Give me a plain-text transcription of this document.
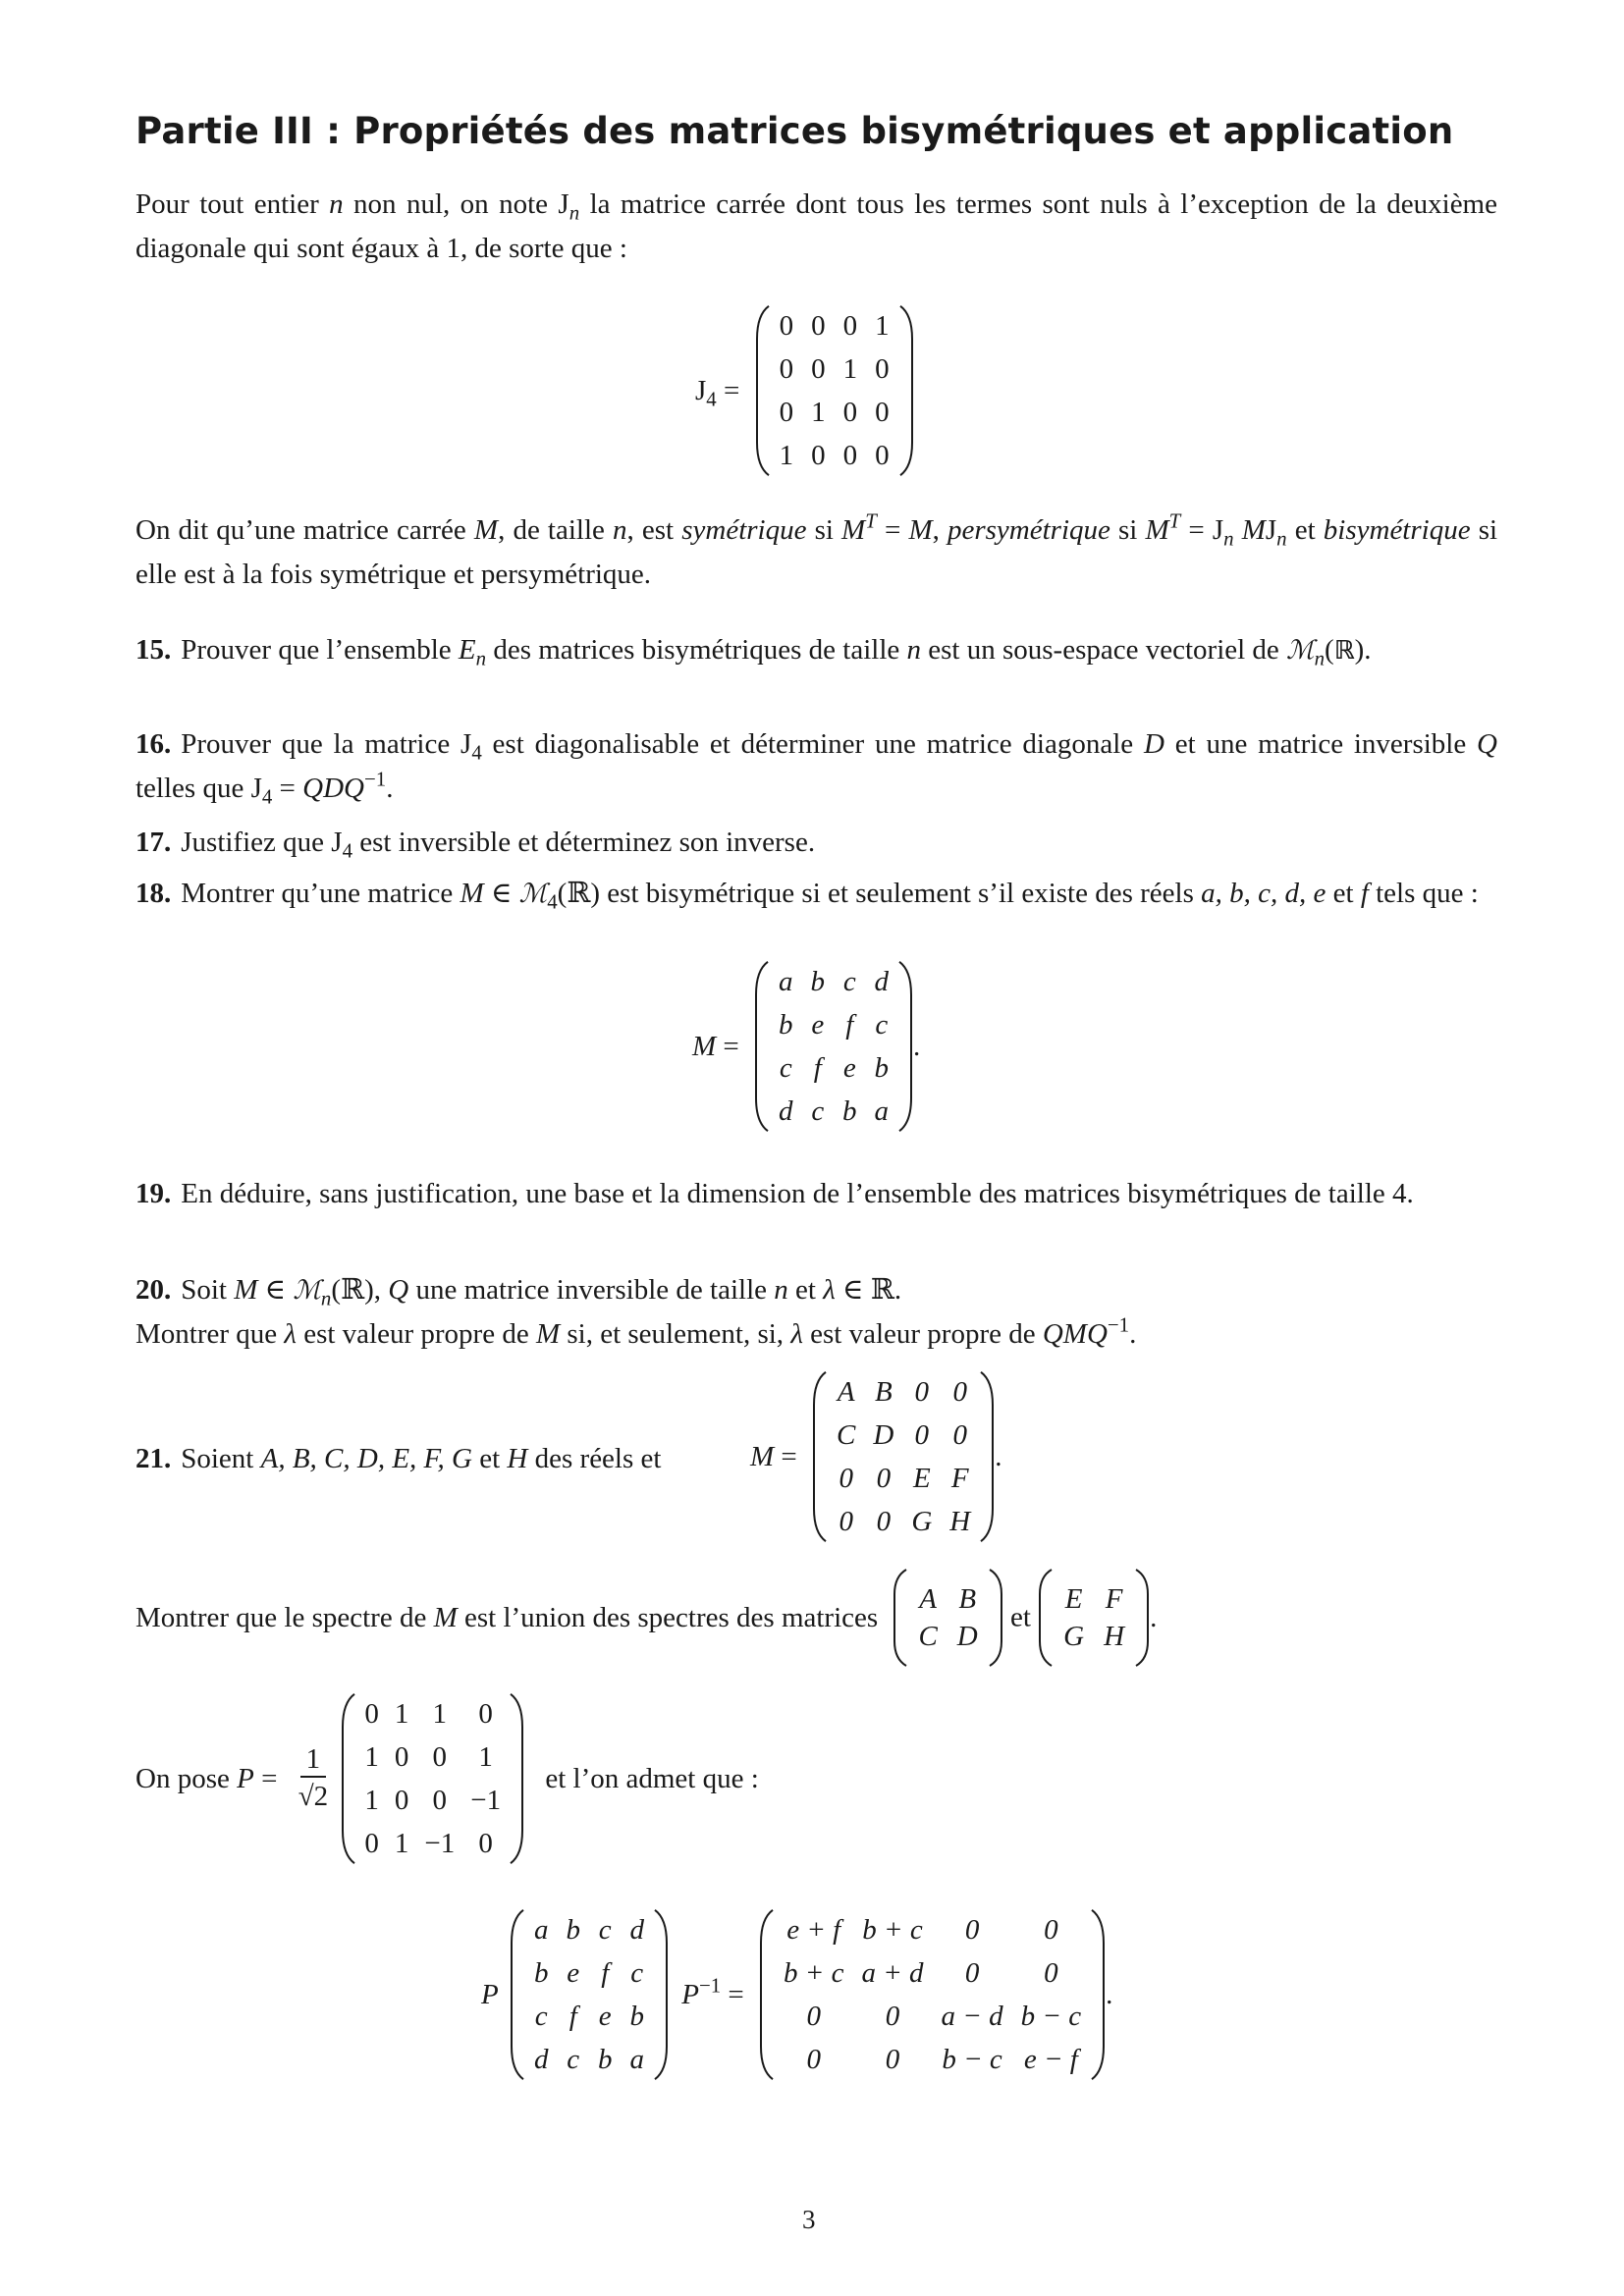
Partie III : Propriétés des matrices bisymétriques et application
Pour tout entier n non nul, on note $J_n$ la matrice carrée dont tous les termes sont nuls à l’exception de la deuxième diagonale qui sont égaux à 1, de sorte que :
$J_4$ =
0	0	0	1
0	0	1	0
0	1	0	0
1	0	0	0
On dit qu’une matrice carrée M, de taille n, est symétrique si $M^T = M$, persymétrique si $M^T = J_n$ $MJ_n$ et bisymétrique si elle est à la fois symétrique et persymétrique.
15. Prouver que l’ensemble $E_n$ des matrices bisymétriques de taille n est un sous-espace vectoriel de ℳ$_n$(ℝ).
16. Prouver que la matrice $J_4$ est diagonalisable et déterminer une matrice diagonale D et une matrice inversible Q telles que $J_4 = QDQ^{-1}$.
17. Justifiez que $J_4$ est inversible et déterminez son inverse.
18. Montrer qu’une matrice M ∈ ℳ$_4$(ℝ) est bisymétrique si et seulement s’il existe des réels a, b, c, d, e et f tels que :
M =
a	b	c	d
b	e	f	c
c	f	e	b
d	c	b	a
.
19. En déduire, sans justification, une base et la dimension de l’ensemble des matrices bisymétriques de taille 4.
20. Soit M ∈ ℳ$_n$(ℝ), Q une matrice inversible de taille n et λ ∈ ℝ.
Montrer que λ est valeur propre de M si, et seulement, si, λ est valeur propre de $QMQ^{-1}$.
21. Soient A, B, C, D, E, F, G et H des réels et	M =
A	B	0	0
C	D	0	0
0	0	E	F
0	0	G	H
.
Montrer que le spectre de M est l’union des spectres des matrices
A	B
C	D
et
E	F
G	H
.
On pose $P = \frac{1}{√2}$

0	1	1	0
1	0	0	1
1	0	0	−1
0	1	−1	0
et l’on admet que :
P
a	b	c	d
b	e	f	c
c	f	e	b
d	c	b	a
$P^{-1}$ =
e + f	b + c	0	0
b + c	a + d	0	0
0	0	a − d	b − c
0	0	b − c	e − f
.
3
